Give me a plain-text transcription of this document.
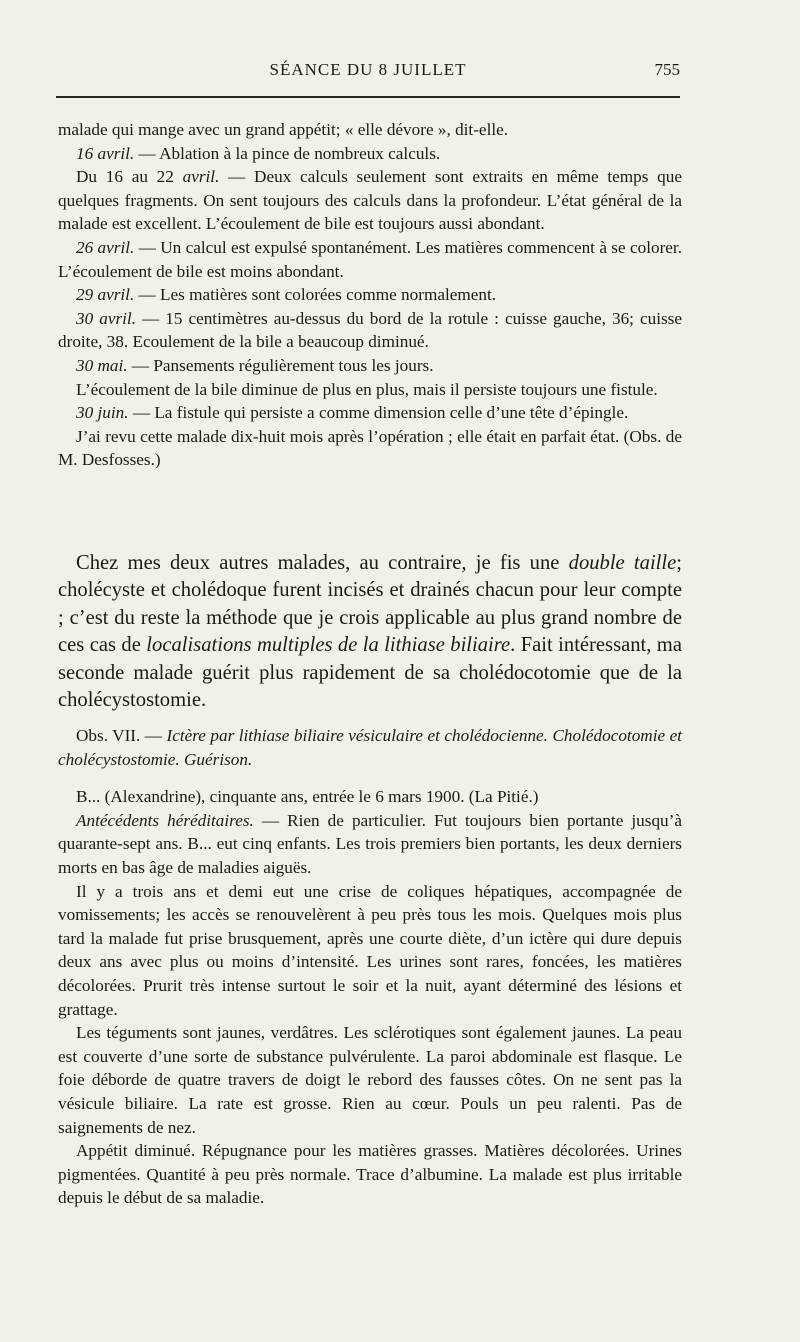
SÉANCE DU 8 JUILLET	755

malade qui mange avec un grand appétit; « elle dévore », dit-elle.

16 avril. — Ablation à la pince de nombreux calculs.

Du 16 au 22 avril. — Deux calculs seulement sont extraits en même temps que quelques fragments. On sent toujours des calculs dans la profondeur. L’état général de la malade est excellent. L’écoulement de bile est toujours aussi abondant.

26 avril. — Un calcul est expulsé spontanément. Les matières commencent à se colorer. L’écoulement de bile est moins abondant.

29 avril. — Les matières sont colorées comme normalement.

30 avril. — 15 centimètres au-dessus du bord de la rotule : cuisse gauche, 36; cuisse droite, 38. Ecoulement de la bile a beaucoup diminué.

30 mai. — Pansements régulièrement tous les jours.

L’écoulement de la bile diminue de plus en plus, mais il persiste toujours une fistule.

30 juin. — La fistule qui persiste a comme dimension celle d’une tête d’épingle.

J’ai revu cette malade dix-huit mois après l’opération ; elle était en parfait état. (Obs. de M. Desfosses.)

Chez mes deux autres malades, au contraire, je fis une double taille; cholécyste et cholédoque furent incisés et drainés chacun pour leur compte ; c’est du reste la méthode que je crois applicable au plus grand nombre de ces cas de localisations multiples de la lithiase biliaire. Fait intéressant, ma seconde malade guérit plus rapidement de sa cholédocotomie que de la cholécystostomie.

Obs. VII. — Ictère par lithiase biliaire vésiculaire et cholédocienne. Cholédocotomie et cholécystostomie. Guérison.

B... (Alexandrine), cinquante ans, entrée le 6 mars 1900. (La Pitié.)

Antécédents héréditaires. — Rien de particulier. Fut toujours bien portante jusqu’à quarante-sept ans. B... eut cinq enfants. Les trois premiers bien portants, les deux derniers morts en bas âge de maladies aiguës.

Il y a trois ans et demi eut une crise de coliques hépatiques, accompagnée de vomissements; les accès se renouvelèrent à peu près tous les mois. Quelques mois plus tard la malade fut prise brusquement, après une courte diète, d’un ictère qui dure depuis deux ans avec plus ou moins d’intensité. Les urines sont rares, foncées, les matières décolorées. Prurit très intense surtout le soir et la nuit, ayant déterminé des lésions et grattage.

Les téguments sont jaunes, verdâtres. Les sclérotiques sont également jaunes. La peau est couverte d’une sorte de substance pulvérulente. La paroi abdominale est flasque. Le foie déborde de quatre travers de doigt le rebord des fausses côtes. On ne sent pas la vésicule biliaire. La rate est grosse. Rien au cœur. Pouls un peu ralenti. Pas de saignements de nez.

Appétit diminué. Répugnance pour les matières grasses. Matières décolorées. Urines pigmentées. Quantité à peu près normale. Trace d’albumine. La malade est plus irritable depuis le début de sa maladie.
